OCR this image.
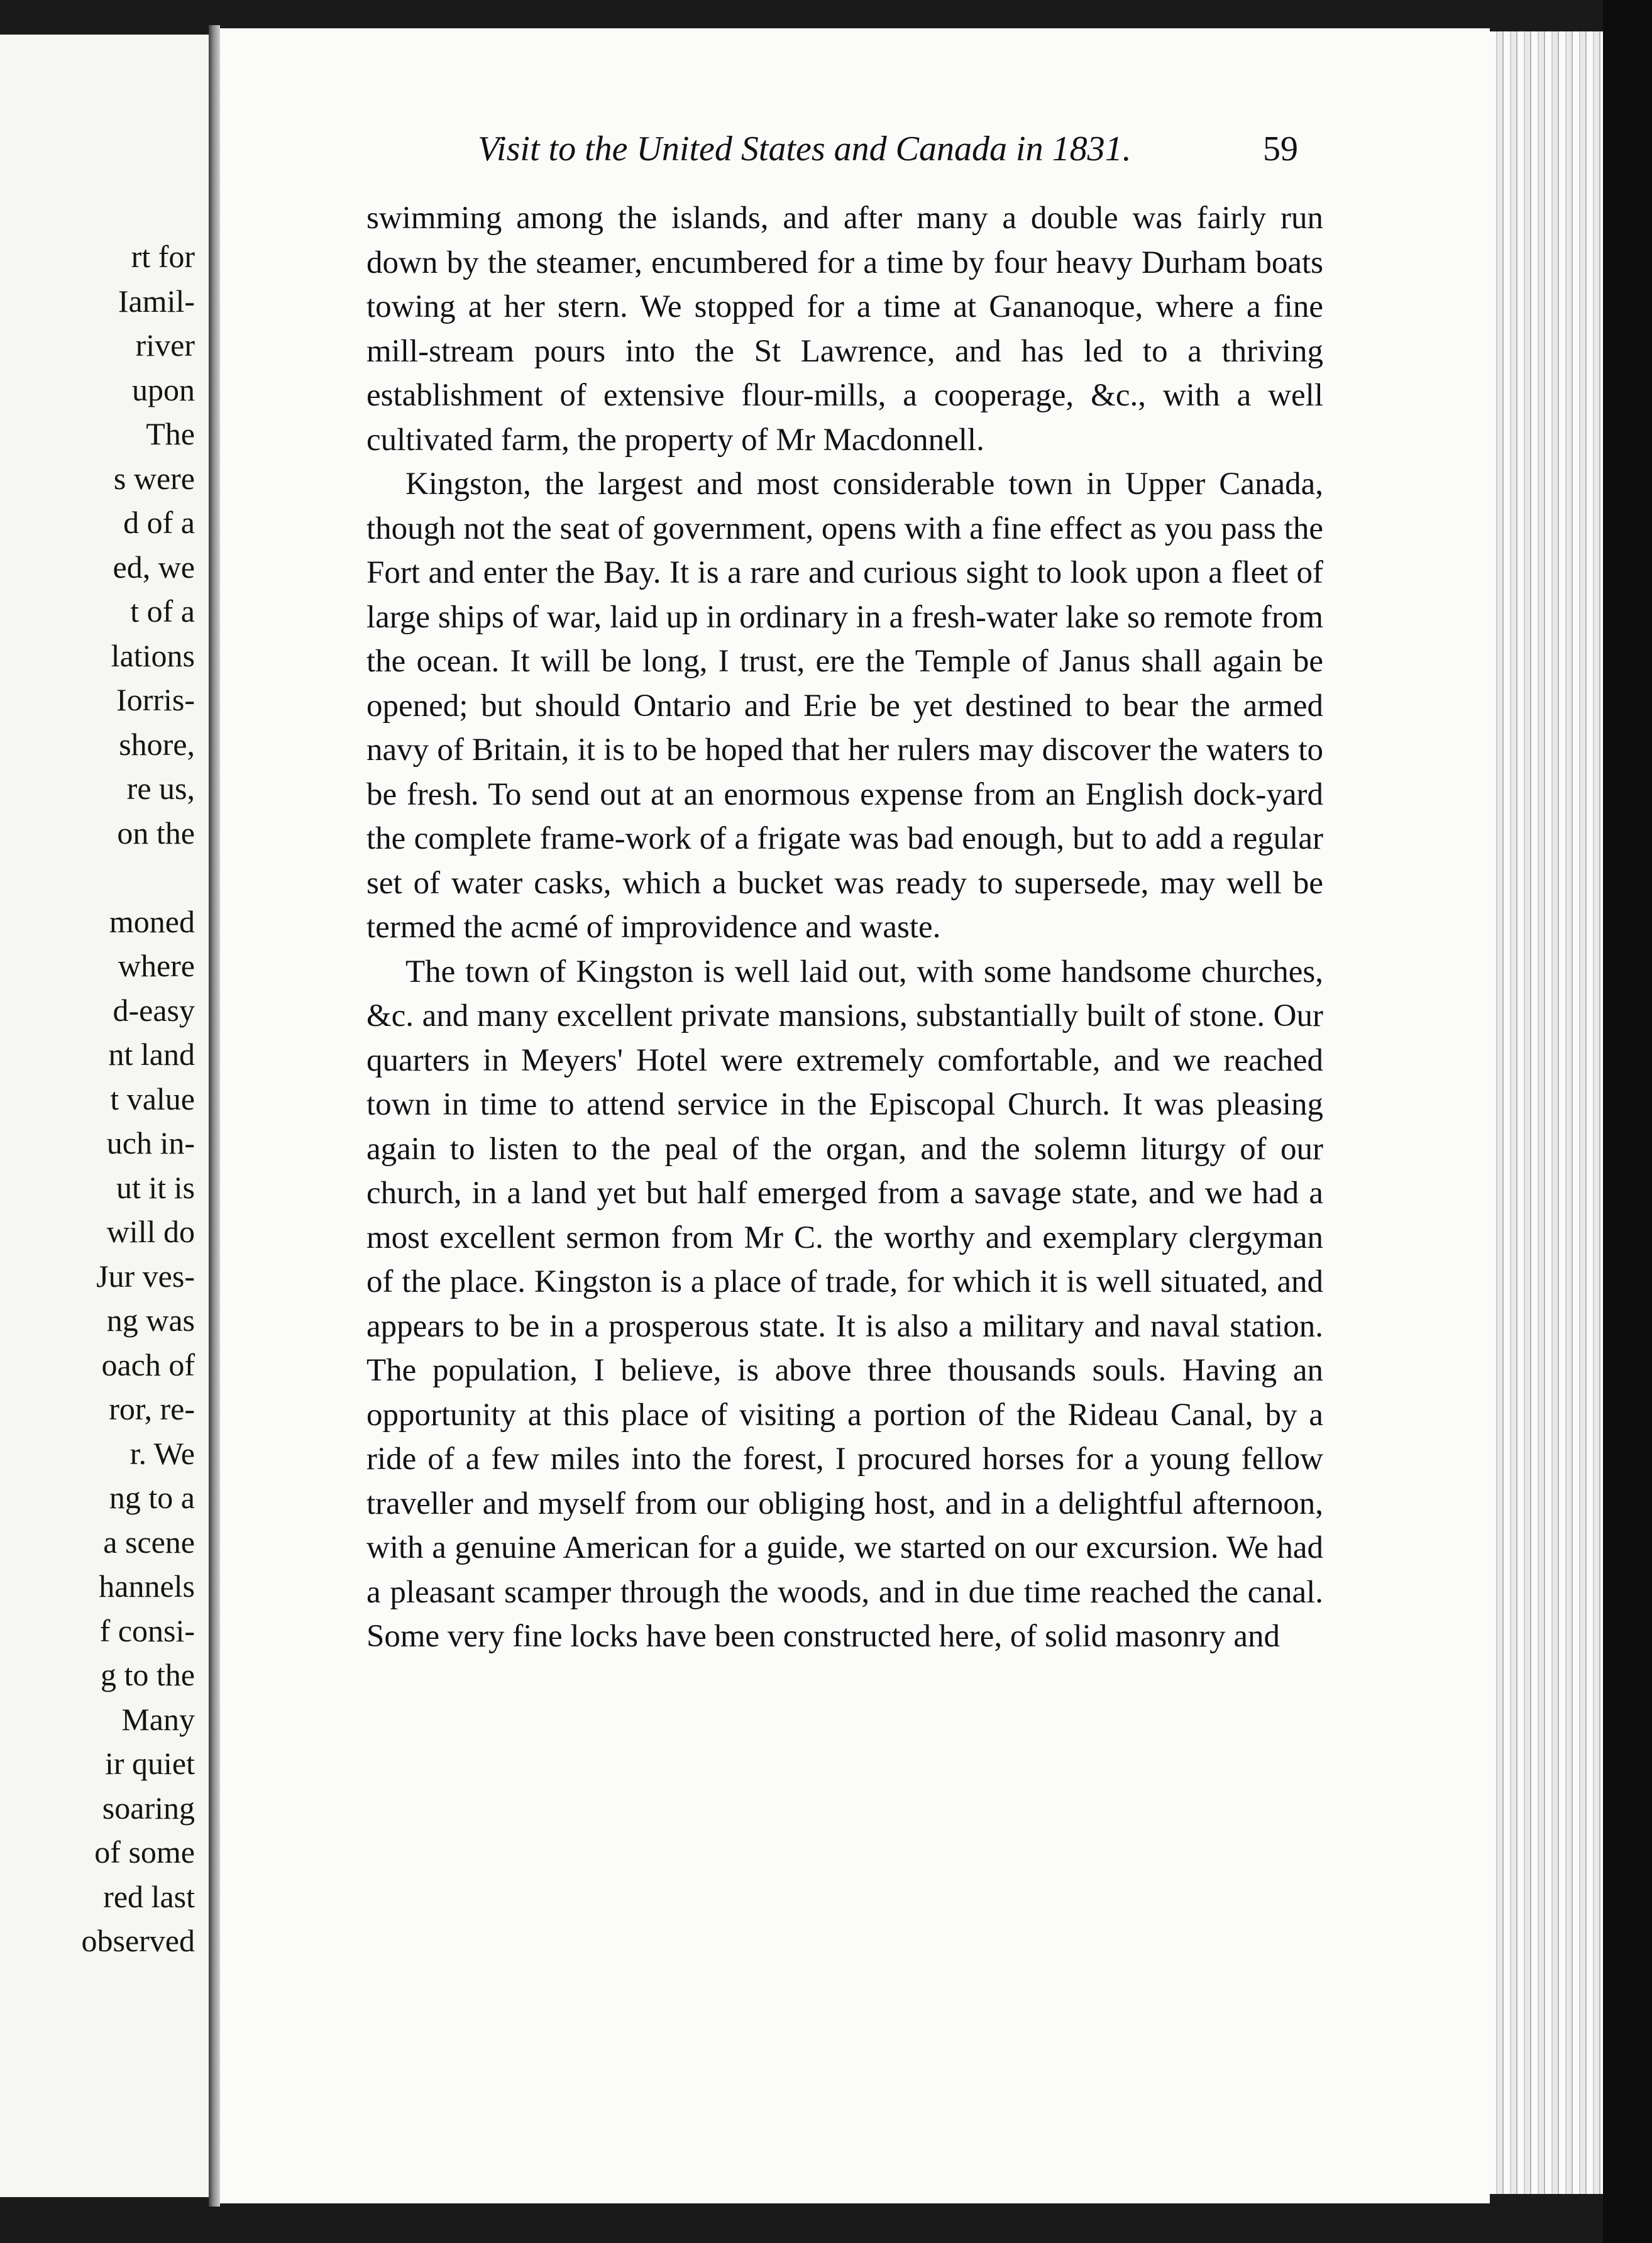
rt for
Iamil-
river
upon
The
s were
d of a
ed, we
t of a
lations
Iorris-
shore,
re us,
on the
moned
where
d-easy
nt land
t value
uch in-
ut it is
will do
Jur ves-
ng was
oach of
ror, re-
r. We
ng to a
a scene
hannels
f consi-
g to the
Many
ir quiet
soaring
of some
red last
observed
Visit to the United States and Canada in 1831.	59

swimming among the islands, and after many a double was fairly run down by the steamer, encumbered for a time by four heavy Durham boats towing at her stern. We stopped for a time at Gananoque, where a fine mill-stream pours into the St Lawrence, and has led to a thriving establishment of extensive flour-mills, a cooperage, &c., with a well cultivated farm, the property of Mr Macdonnell.

Kingston, the largest and most considerable town in Upper Canada, though not the seat of government, opens with a fine effect as you pass the Fort and enter the Bay. It is a rare and curious sight to look upon a fleet of large ships of war, laid up in ordinary in a fresh-water lake so remote from the ocean. It will be long, I trust, ere the Temple of Janus shall again be opened; but should Ontario and Erie be yet destined to bear the armed navy of Britain, it is to be hoped that her rulers may discover the waters to be fresh. To send out at an enormous expense from an English dock-yard the complete frame-work of a frigate was bad enough, but to add a regular set of water casks, which a bucket was ready to supersede, may well be termed the acmé of improvidence and waste.

The town of Kingston is well laid out, with some handsome churches, &c. and many excellent private mansions, substantially built of stone. Our quarters in Meyers' Hotel were extremely comfortable, and we reached town in time to attend service in the Episcopal Church. It was pleasing again to listen to the peal of the organ, and the solemn liturgy of our church, in a land yet but half emerged from a savage state, and we had a most excellent sermon from Mr C. the worthy and exemplary clergyman of the place. Kingston is a place of trade, for which it is well situated, and appears to be in a prosperous state. It is also a military and naval station. The population, I believe, is above three thousands souls. Having an opportunity at this place of visiting a portion of the Rideau Canal, by a ride of a few miles into the forest, I procured horses for a young fellow traveller and myself from our obliging host, and in a delightful afternoon, with a genuine American for a guide, we started on our excursion. We had a pleasant scamper through the woods, and in due time reached the canal. Some very fine locks have been constructed here, of solid masonry and
